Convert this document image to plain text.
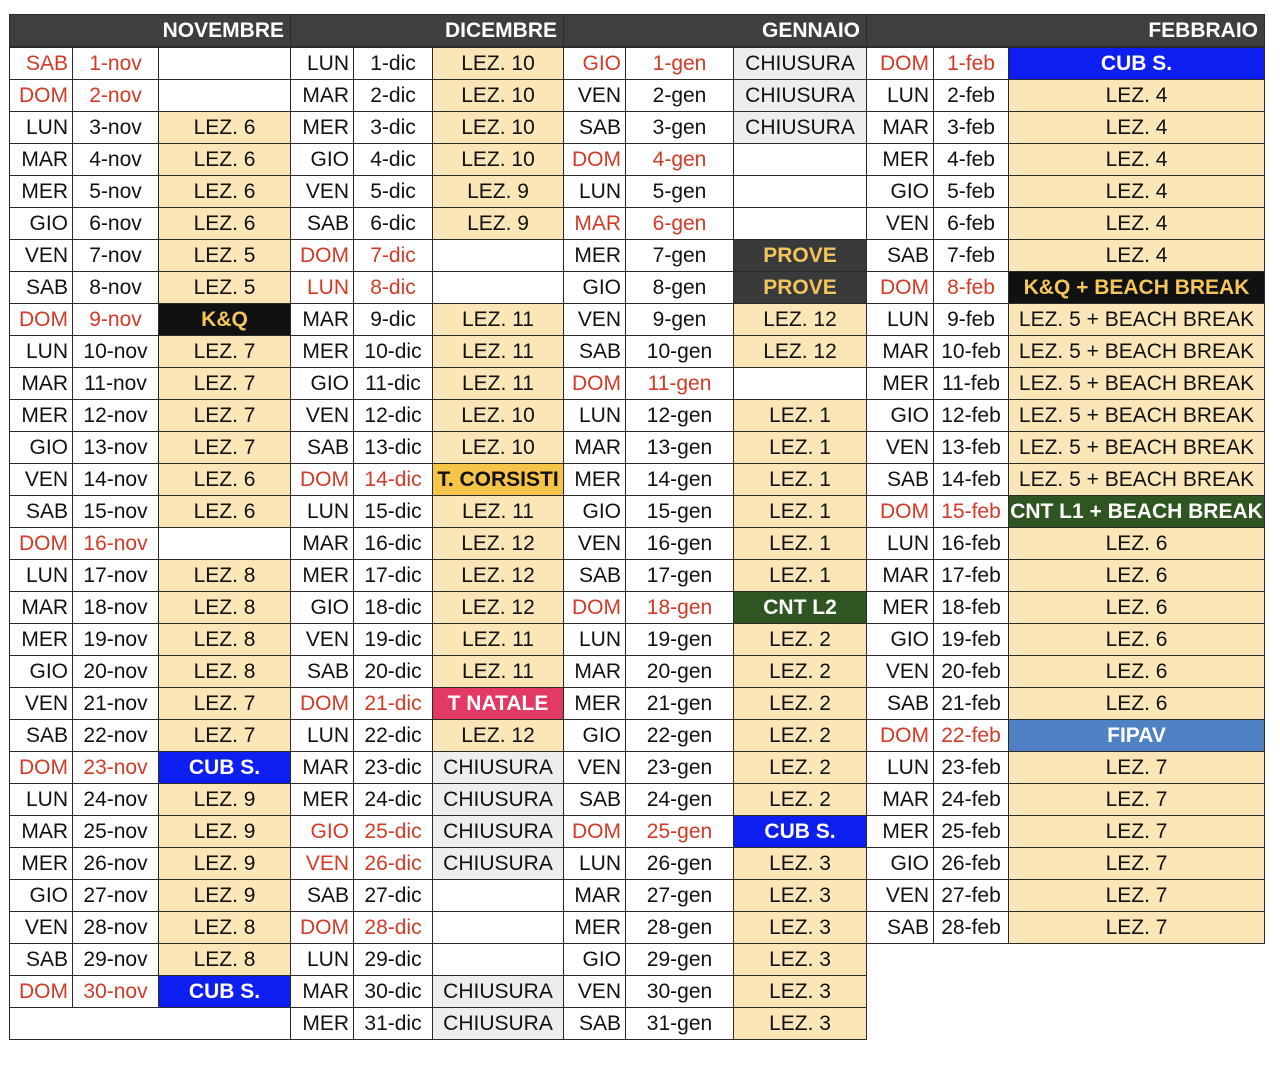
NOVEMBRE			DICEMBRE			GENNAIO			FEBBRAIO		
SAB	1-nov		LUN	1-dic	LEZ. 10	GIO	1-gen	CHIUSURA	DOM	1-feb	CUB S.
DOM	2-nov		MAR	2-dic	LEZ. 10	VEN	2-gen	CHIUSURA	LUN	2-feb	LEZ. 4
LUN	3-nov	LEZ. 6	MER	3-dic	LEZ. 10	SAB	3-gen	CHIUSURA	MAR	3-feb	LEZ. 4
MAR	4-nov	LEZ. 6	GIO	4-dic	LEZ. 10	DOM	4-gen		MER	4-feb	LEZ. 4
MER	5-nov	LEZ. 6	VEN	5-dic	LEZ. 9	LUN	5-gen		GIO	5-feb	LEZ. 4
GIO	6-nov	LEZ. 6	SAB	6-dic	LEZ. 9	MAR	6-gen		VEN	6-feb	LEZ. 4
VEN	7-nov	LEZ. 5	DOM	7-dic		MER	7-gen	PROVE	SAB	7-feb	LEZ. 4
SAB	8-nov	LEZ. 5	LUN	8-dic		GIO	8-gen	PROVE	DOM	8-feb	K&Q + BEACH BREAK
DOM	9-nov	K&Q	MAR	9-dic	LEZ. 11	VEN	9-gen	LEZ. 12	LUN	9-feb	LEZ. 5 + BEACH BREAK
LUN	10-nov	LEZ. 7	MER	10-dic	LEZ. 11	SAB	10-gen	LEZ. 12	MAR	10-feb	LEZ. 5 + BEACH BREAK
MAR	11-nov	LEZ. 7	GIO	11-dic	LEZ. 11	DOM	11-gen		MER	11-feb	LEZ. 5 + BEACH BREAK
MER	12-nov	LEZ. 7	VEN	12-dic	LEZ. 10	LUN	12-gen	LEZ. 1	GIO	12-feb	LEZ. 5 + BEACH BREAK
GIO	13-nov	LEZ. 7	SAB	13-dic	LEZ. 10	MAR	13-gen	LEZ. 1	VEN	13-feb	LEZ. 5 + BEACH BREAK
VEN	14-nov	LEZ. 6	DOM	14-dic	T. CORSISTI	MER	14-gen	LEZ. 1	SAB	14-feb	LEZ. 5 + BEACH BREAK
SAB	15-nov	LEZ. 6	LUN	15-dic	LEZ. 11	GIO	15-gen	LEZ. 1	DOM	15-feb	CNT L1 + BEACH BREAK
DOM	16-nov		MAR	16-dic	LEZ. 12	VEN	16-gen	LEZ. 1	LUN	16-feb	LEZ. 6
LUN	17-nov	LEZ. 8	MER	17-dic	LEZ. 12	SAB	17-gen	LEZ. 1	MAR	17-feb	LEZ. 6
MAR	18-nov	LEZ. 8	GIO	18-dic	LEZ. 12	DOM	18-gen	CNT L2	MER	18-feb	LEZ. 6
MER	19-nov	LEZ. 8	VEN	19-dic	LEZ. 11	LUN	19-gen	LEZ. 2	GIO	19-feb	LEZ. 6
GIO	20-nov	LEZ. 8	SAB	20-dic	LEZ. 11	MAR	20-gen	LEZ. 2	VEN	20-feb	LEZ. 6
VEN	21-nov	LEZ. 7	DOM	21-dic	T NATALE	MER	21-gen	LEZ. 2	SAB	21-feb	LEZ. 6
SAB	22-nov	LEZ. 7	LUN	22-dic	LEZ. 12	GIO	22-gen	LEZ. 2	DOM	22-feb	FIPAV
DOM	23-nov	CUB S.	MAR	23-dic	CHIUSURA	VEN	23-gen	LEZ. 2	LUN	23-feb	LEZ. 7
LUN	24-nov	LEZ. 9	MER	24-dic	CHIUSURA	SAB	24-gen	LEZ. 2	MAR	24-feb	LEZ. 7
MAR	25-nov	LEZ. 9	GIO	25-dic	CHIUSURA	DOM	25-gen	CUB S.	MER	25-feb	LEZ. 7
MER	26-nov	LEZ. 9	VEN	26-dic	CHIUSURA	LUN	26-gen	LEZ. 3	GIO	26-feb	LEZ. 7
GIO	27-nov	LEZ. 9	SAB	27-dic		MAR	27-gen	LEZ. 3	VEN	27-feb	LEZ. 7
VEN	28-nov	LEZ. 8	DOM	28-dic		MER	28-gen	LEZ. 3	SAB	28-feb	LEZ. 7
SAB	29-nov	LEZ. 8	LUN	29-dic		GIO	29-gen	LEZ. 3			
DOM	30-nov	CUB S.	MAR	30-dic	CHIUSURA	VEN	30-gen	LEZ. 3			
			MER	31-dic	CHIUSURA	SAB	31-gen	LEZ. 3			
